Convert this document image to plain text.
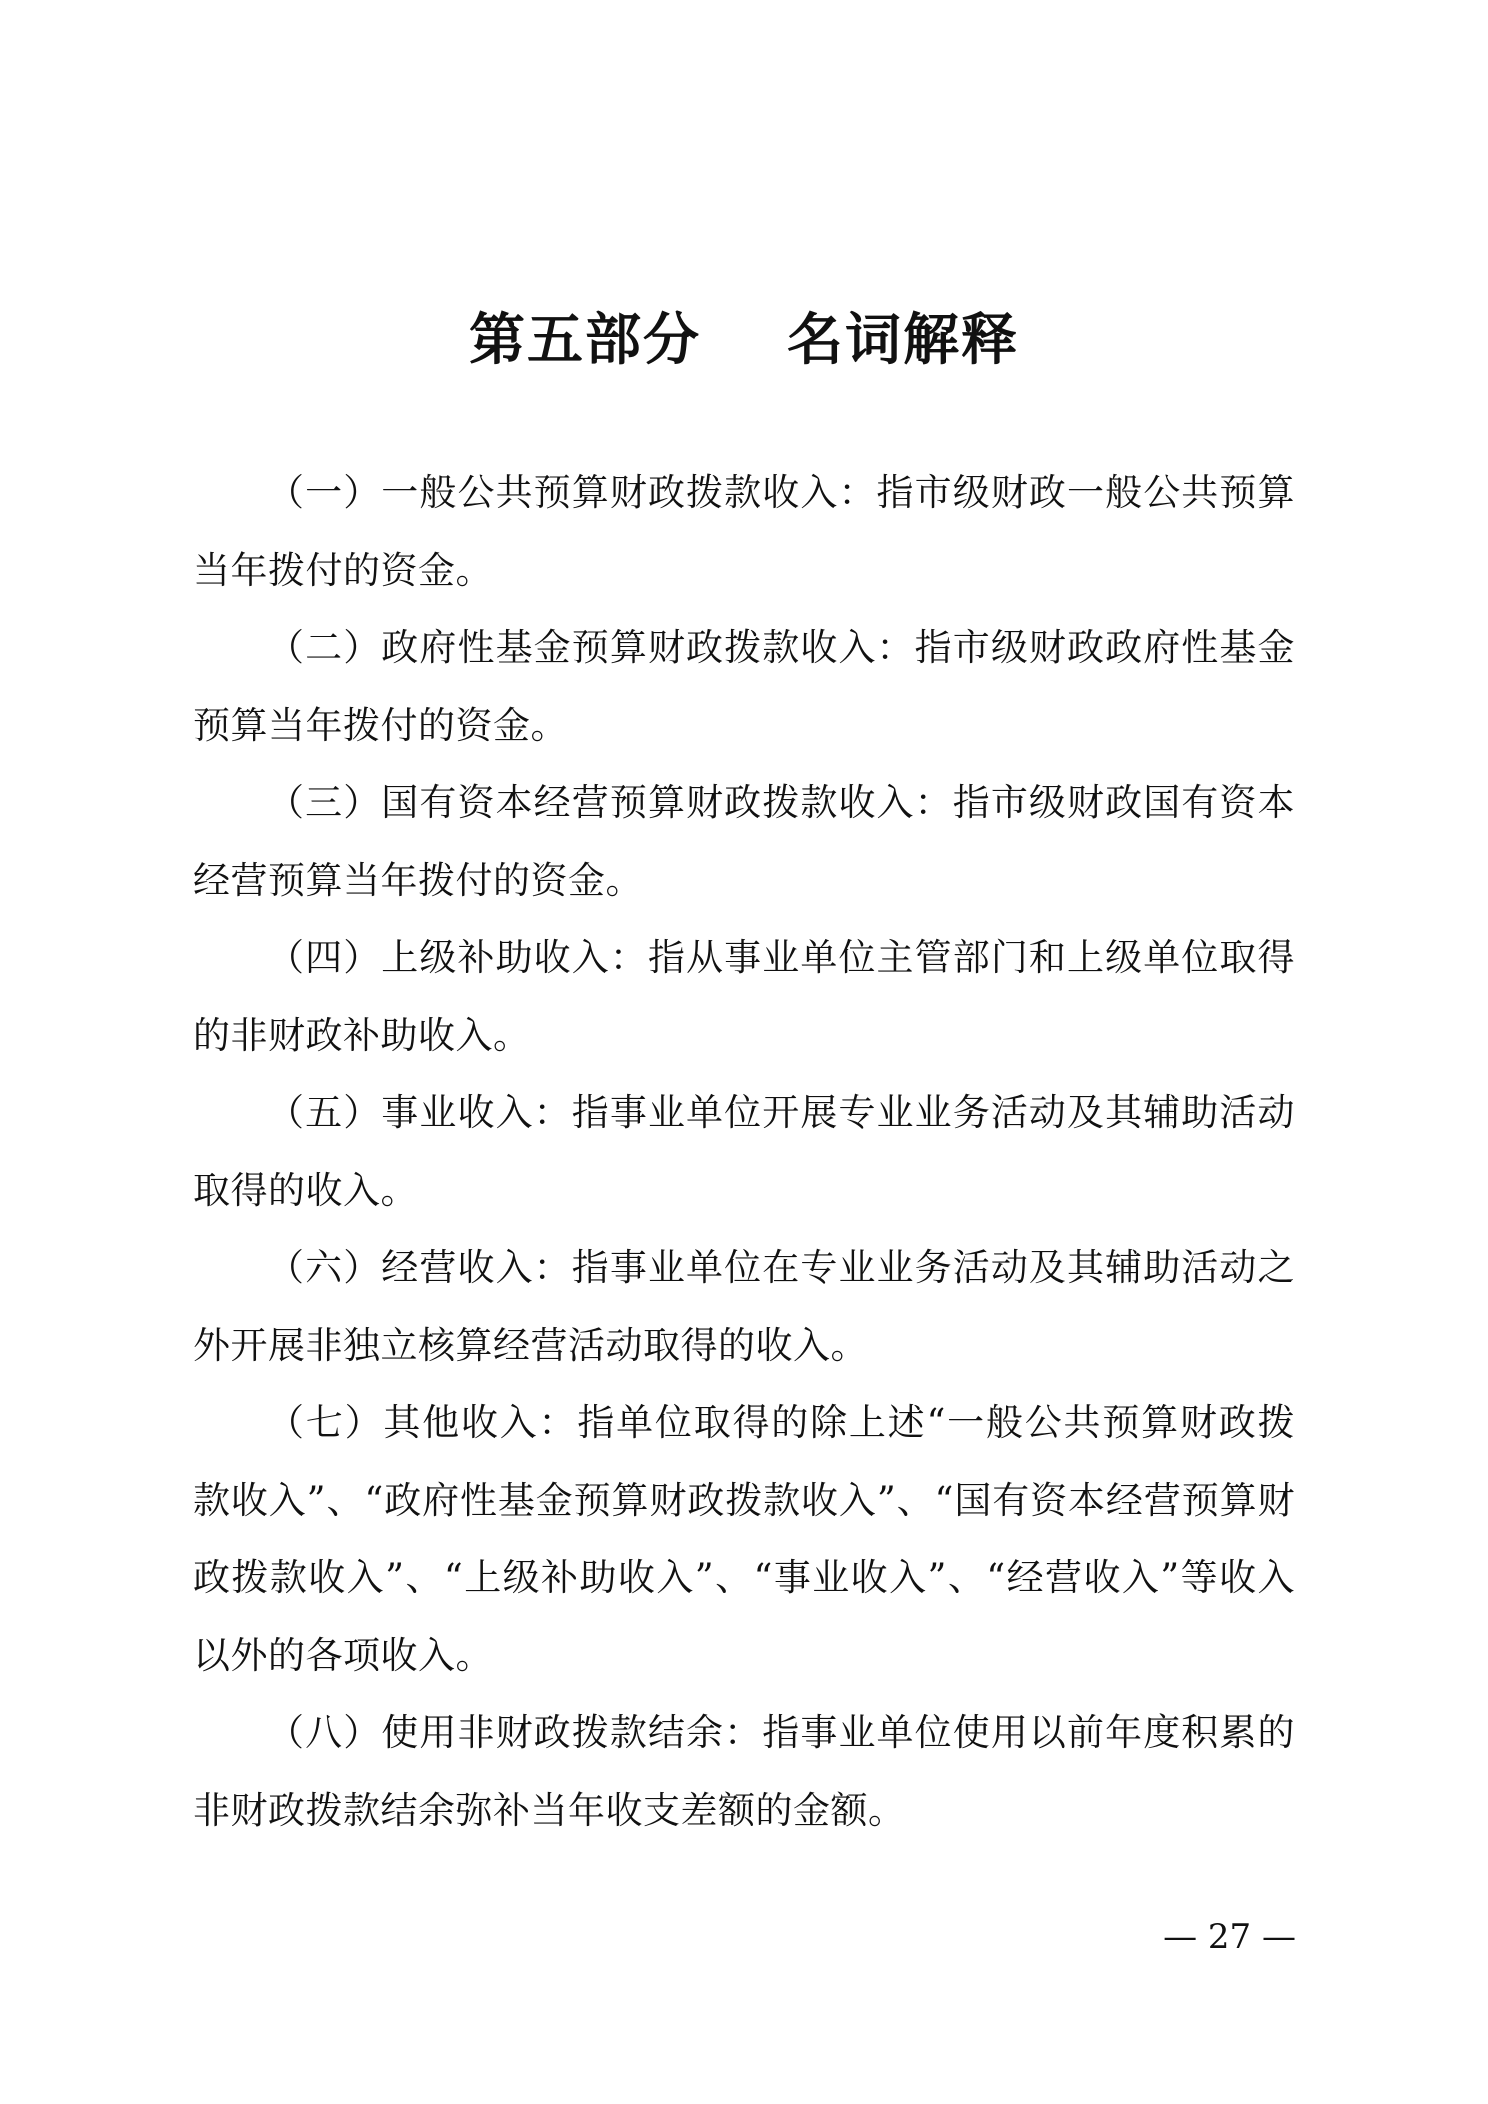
第五部分    名词解释

（一）一般公共预算财政拨款收入：指市级财政一般公共预算当年拨付的资金。

（二）政府性基金预算财政拨款收入：指市级财政政府性基金预算当年拨付的资金。

（三）国有资本经营预算财政拨款收入：指市级财政国有资本经营预算当年拨付的资金。

（四）上级补助收入：指从事业单位主管部门和上级单位取得的非财政补助收入。

（五）事业收入：指事业单位开展专业业务活动及其辅助活动取得的收入。

（六）经营收入：指事业单位在专业业务活动及其辅助活动之外开展非独立核算经营活动取得的收入。

（七）其他收入：指单位取得的除上述“一般公共预算财政拨款收入”、“政府性基金预算财政拨款收入”、“国有资本经营预算财政拨款收入”、“上级补助收入”、“事业收入”、“经营收入”等收入以外的各项收入。

（八）使用非财政拨款结余：指事业单位使用以前年度积累的非财政拨款结余弥补当年收支差额的金额。

— 27 —
